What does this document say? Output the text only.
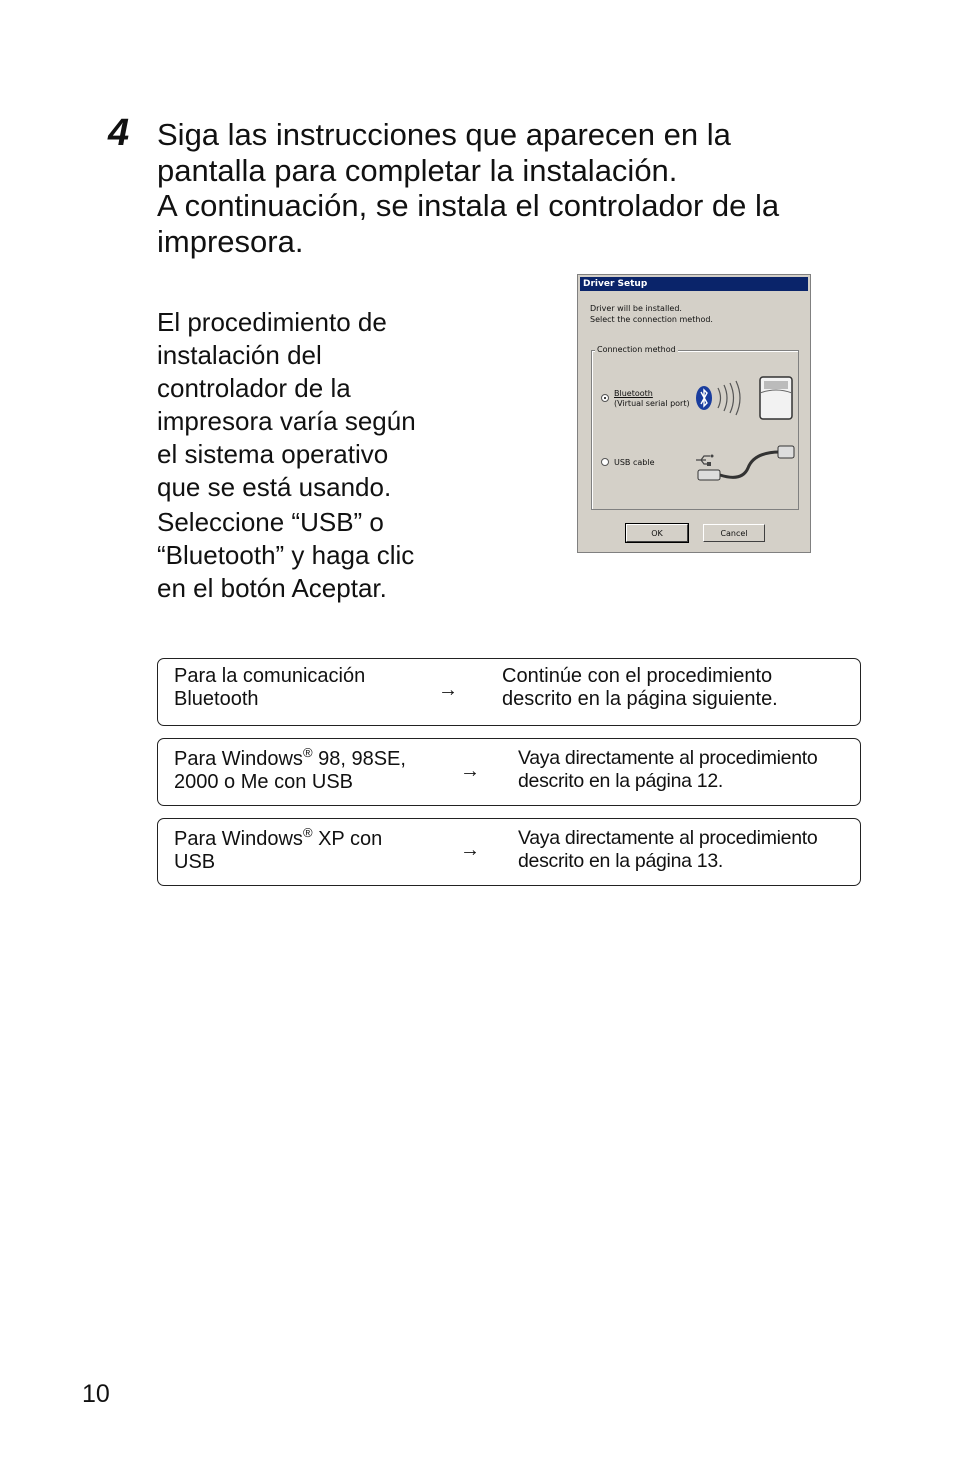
4 Siga las instrucciones que aparecen en la
pantalla para completar la instalación.
A continuación, se instala el controlador de la
impresora.
El procedimiento de
instalación del
controlador de la
impresora varía según
el sistema operativo
que se está usando.
Seleccione “USB” o
“Bluetooth” y haga clic
en el botón Aceptar.
Driver Setup
Driver will be installed.
Select the connection method.
Connection method
Bluetooth
(Virtual serial port)
USB cable
OK	Cancel
Para la comunicación
Bluetooth	→
Continúe con el procedimiento
descrito en la página siguiente.
Para Windows® 98, 98SE,
2000 o Me con USB	→
Vaya directamente al procedimiento
descrito en la página 12.
Para Windows® XP con
USB
→
Vaya directamente al procedimiento
descrito en la página 13.
10
